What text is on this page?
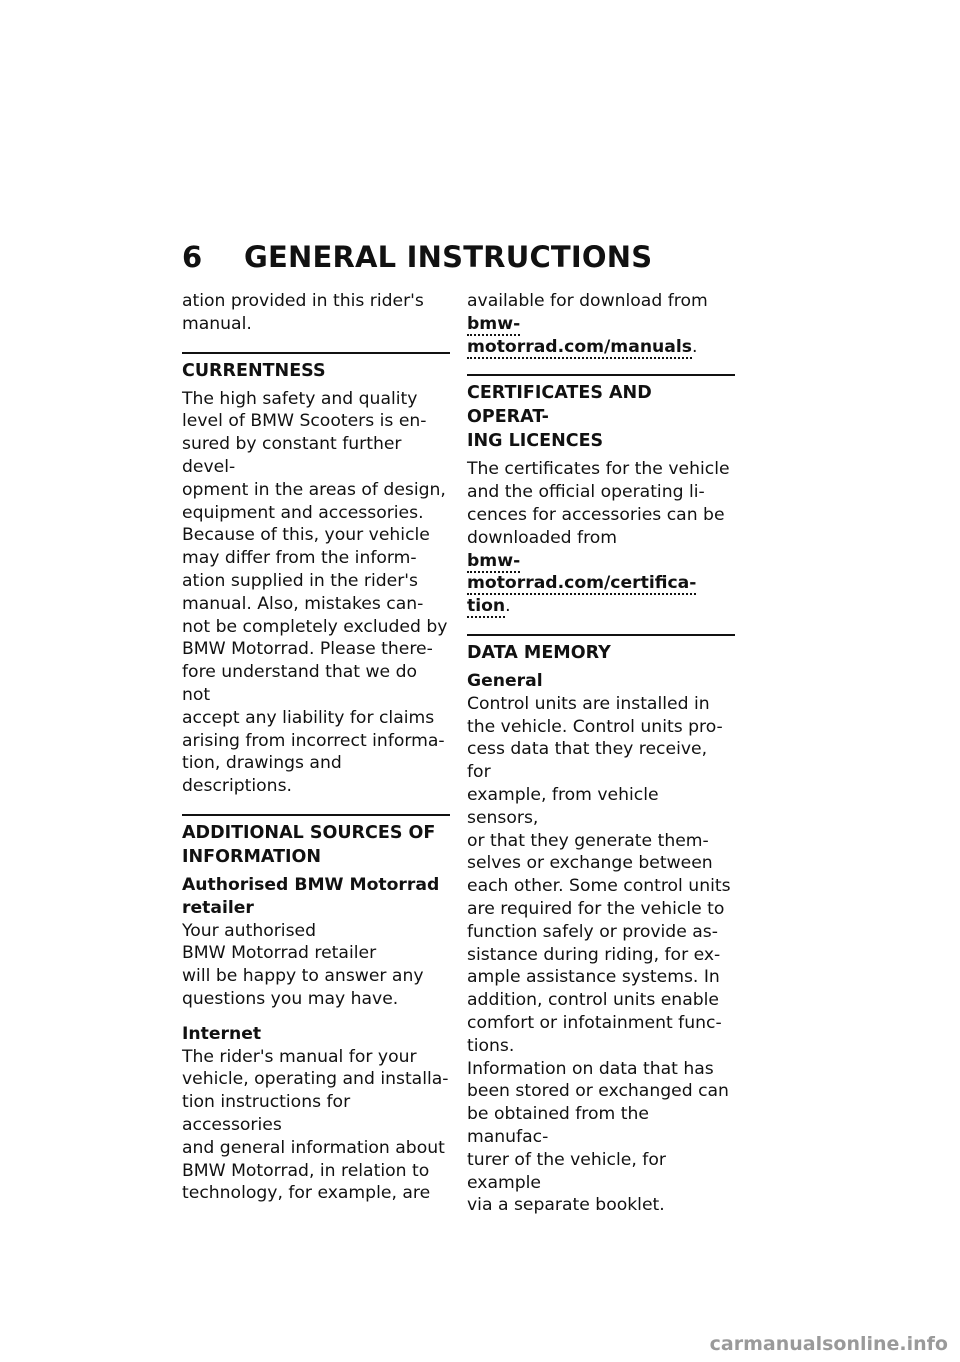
6 GENERAL INSTRUCTIONS

ation provided in this rider's
manual.

CURRENTNESS

The high safety and quality
level of BMW Scooters is en-
sured by constant further devel-
opment in the areas of design,
equipment and accessories.
Because of this, your vehicle
may differ from the inform-
ation supplied in the rider's
manual. Also, mistakes can-
not be completely excluded by
BMW Motorrad. Please there-
fore understand that we do not
accept any liability for claims
arising from incorrect informa-
tion, drawings and descriptions.

ADDITIONAL SOURCES OF
INFORMATION
Authorised BMW Motorrad
retailer

Your authorised
BMW Motorrad retailer
will be happy to answer any
questions you may have.

Internet

The rider's manual for your
vehicle, operating and installa-
tion instructions for accessories
and general information about
BMW Motorrad, in relation to
technology, for example, are

available for download from
bmw-motorrad.com/manuals.

CERTIFICATES AND OPERAT-
ING LICENCES

The certificates for the vehicle
and the official operating li-
cences for accessories can be
downloaded from
bmw-motorrad.com/certifica-
tion.

DATA MEMORY
General

Control units are installed in
the vehicle. Control units pro-
cess data that they receive, for
example, from vehicle sensors,
or that they generate them-
selves or exchange between
each other. Some control units
are required for the vehicle to
function safely or provide as-
sistance during riding, for ex-
ample assistance systems. In
addition, control units enable
comfort or infotainment func-
tions.

Information on data that has
been stored or exchanged can
be obtained from the manufac-
turer of the vehicle, for example
via a separate booklet.

carmanualsonline.info
